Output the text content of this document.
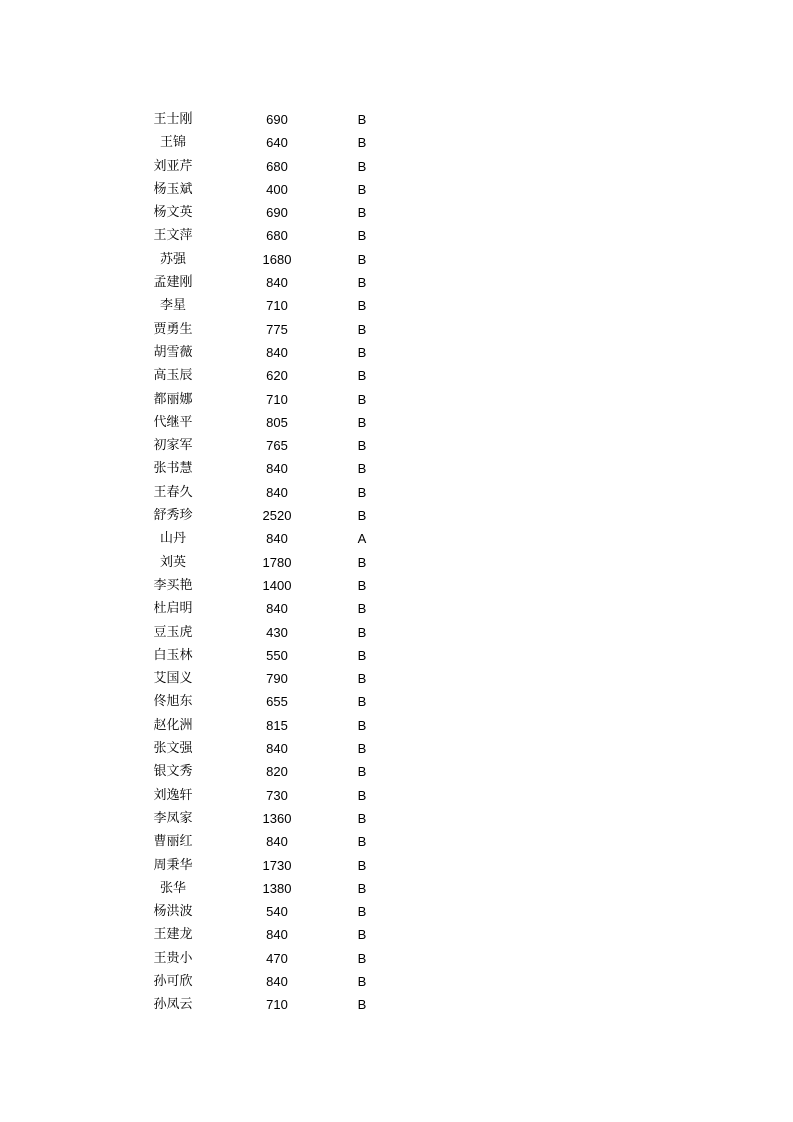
王士刚	690	B
王锦	640	B
刘亚芹	680	B
杨玉斌	400	B
杨文英	690	B
王文萍	680	B
苏强	1680	B
孟建刚	840	B
李星	710	B
贾勇生	775	B
胡雪薇	840	B
高玉辰	620	B
都丽娜	710	B
代继平	805	B
初家军	765	B
张书慧	840	B
王春久	840	B
舒秀珍	2520	B
山丹	840	A
刘英	1780	B
李买艳	1400	B
杜启明	840	B
豆玉虎	430	B
白玉林	550	B
艾国义	790	B
佟旭东	655	B
赵化洲	815	B
张文强	840	B
银文秀	820	B
刘逸轩	730	B
李凤家	1360	B
曹丽红	840	B
周秉华	1730	B
张华	1380	B
杨洪波	540	B
王建龙	840	B
王贵小	470	B
孙可欣	840	B
孙凤云	710	B
